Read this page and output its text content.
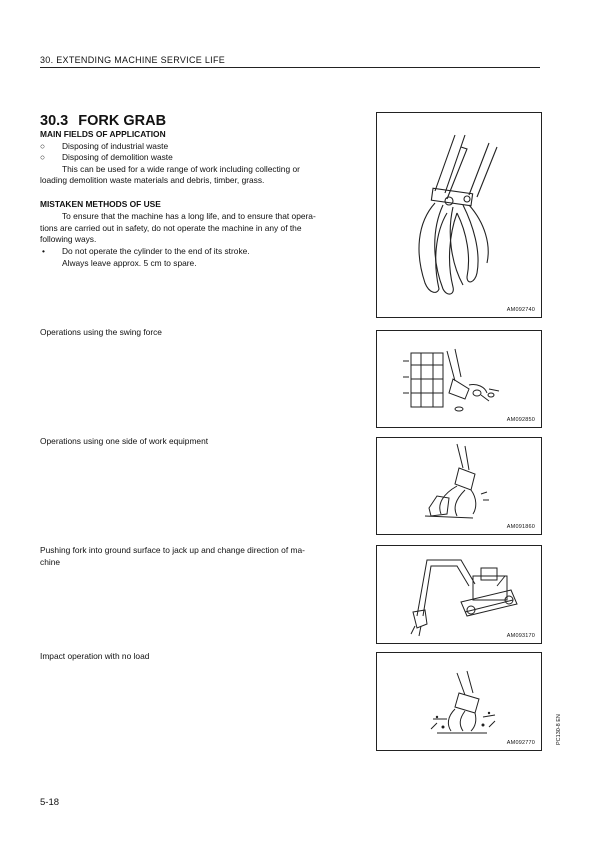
30. EXTENDING MACHINE SERVICE LIFE
30.3 FORK GRAB
MAIN FIELDS OF APPLICATION
○ Disposing of industrial waste
○ Disposing of demolition waste
This can be used for a wide range of work including collecting or
loading demolition waste materials and debris, timber, grass.
MISTAKEN METHODS OF USE
To ensure that the machine has a long life, and to ensure that opera-
tions are carried out in safety, do not operate the machine in any of the
following ways.
• Do not operate the cylinder to the end of its stroke.
Always leave approx. 5 cm to spare.
Operations using the swing force
Operations using one side of work equipment
Pushing fork into ground surface to jack up and change direction of ma-
chine
Impact operation with no load
AM092740
AM092850
AM091860
AM093170
AM092770
5-18
PC130-8 EN
